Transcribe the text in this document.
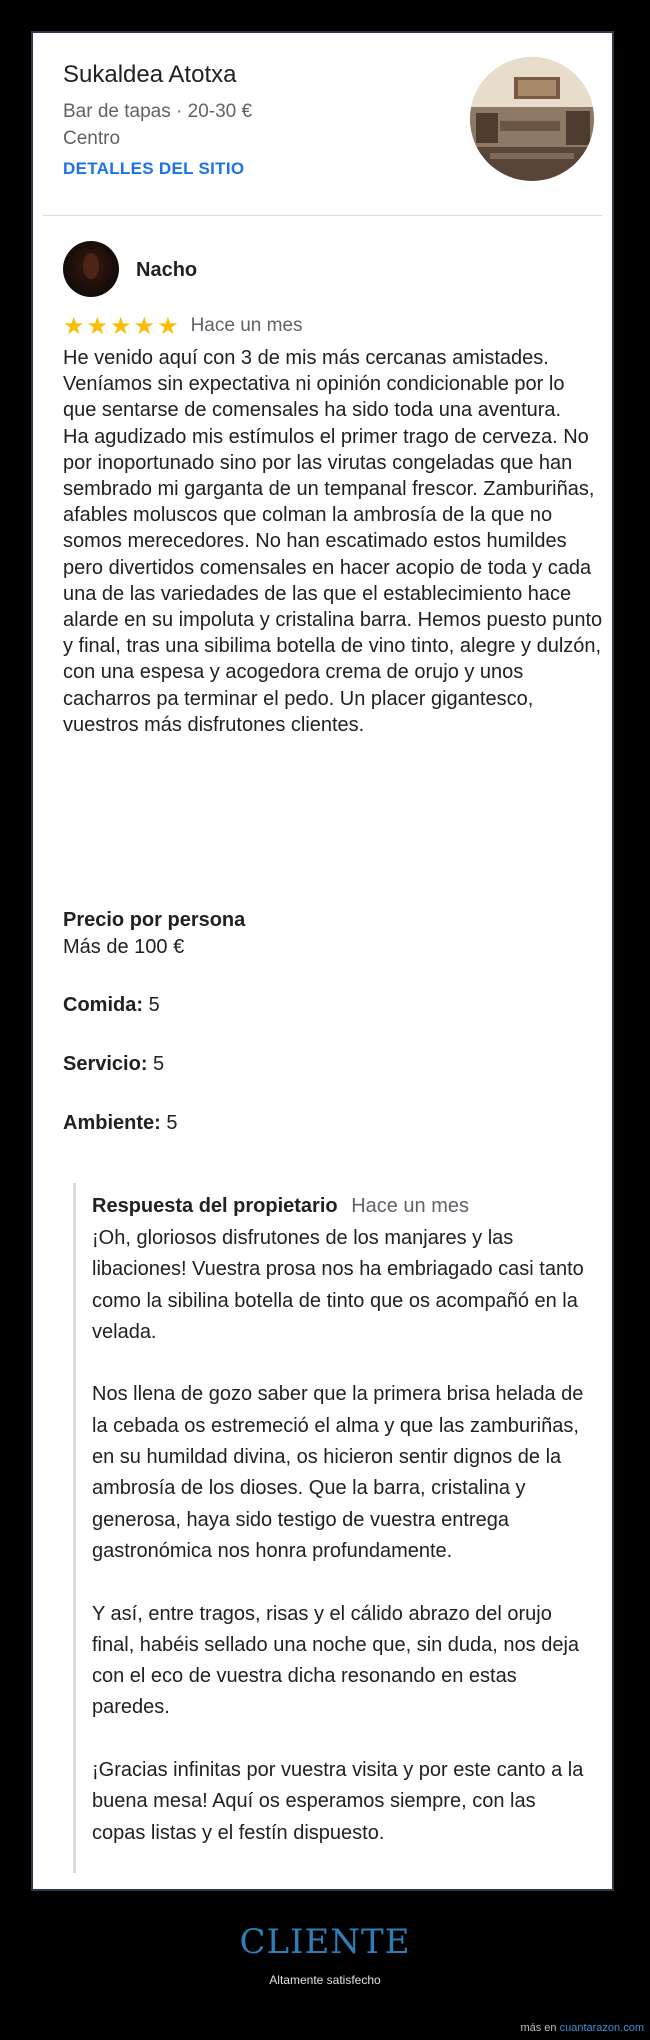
Sukaldea Atotxa
Bar de tapas · 20-30 €
Centro
DETALLES DEL SITIO
Nacho
★★★★★ Hace un mes
He venido aquí con 3 de mis más cercanas amistades. Veníamos sin expectativa ni opinión condicionable por lo que sentarse de comensales ha sido toda una aventura.
Ha agudizado mis estímulos el primer trago de cerveza. No por inoportunado sino por las virutas congeladas que han sembrado mi garganta de un tempanal frescor. Zamburiñas, afables moluscos que colman la ambrosía de la que no somos merecedores. No han escatimado estos humildes pero divertidos comensales en hacer acopio de toda y cada una de las variedades de las que el establecimiento hace alarde en su impoluta y cristalina barra. Hemos puesto punto y final, tras una sibilima botella de vino tinto, alegre y dulzón, con una espesa y acogedora crema de orujo y unos cacharros pa terminar el pedo. Un placer gigantesco, vuestros más disfrutones clientes.
Precio por persona
Más de 100 €
Comida: 5
Servicio: 5
Ambiente: 5
Respuesta del propietario Hace un mes
¡Oh, gloriosos disfrutones de los manjares y las libaciones! Vuestra prosa nos ha embriagado casi tanto como la sibilina botella de tinto que os acompañó en la velada.

Nos llena de gozo saber que la primera brisa helada de la cebada os estremeció el alma y que las zamburiñas, en su humildad divina, os hicieron sentir dignos de la ambrosía de los dioses. Que la barra, cristalina y generosa, haya sido testigo de vuestra entrega gastronómica nos honra profundamente.

Y así, entre tragos, risas y el cálido abrazo del orujo final, habéis sellado una noche que, sin duda, nos deja con el eco de vuestra dicha resonando en estas paredes.

¡Gracias infinitas por vuestra visita y por este canto a la buena mesa! Aquí os esperamos siempre, con las copas listas y el festín dispuesto.
CLIENTE
Altamente satisfecho
más en cuantarazon.com
